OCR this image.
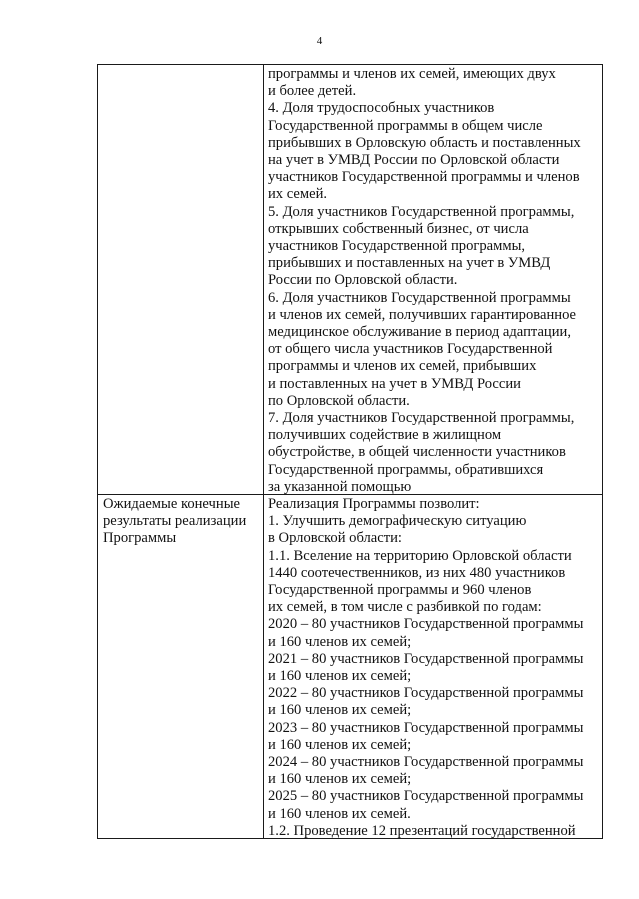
4
программы и членов их семей, имеющих двух
и более детей.
4. Доля трудоспособных участников
Государственной программы в общем числе
прибывших в Орловскую область и поставленных
на учет в УМВД России по Орловской области
участников Государственной программы и членов
их семей.
5. Доля участников Государственной программы,
открывших собственный бизнес, от числа
участников Государственной программы,
прибывших и поставленных на учет в УМВД
России по Орловской области.
6. Доля участников Государственной программы
и членов их семей, получивших гарантированное
медицинское обслуживание в период адаптации,
от общего числа участников Государственной
программы и членов их семей, прибывших
и поставленных на учет в УМВД России
по Орловской области.
7. Доля участников Государственной программы,
получивших содействие в жилищном
обустройстве, в общей численности участников
Государственной программы, обратившихся
за указанной помощью
Ожидаемые конечные
результаты реализации
Программы
Реализация Программы позволит:
1. Улучшить демографическую ситуацию
в Орловской области:
1.1. Вселение на территорию Орловской области
1440 соотечественников, из них 480 участников
Государственной программы и 960 членов
их семей, в том числе с разбивкой по годам:
2020 – 80 участников Государственной программы
и 160 членов их семей;
2021 – 80 участников Государственной программы
и 160 членов их семей;
2022 – 80 участников Государственной программы
и 160 членов их семей;
2023 – 80 участников Государственной программы
и 160 членов их семей;
2024 – 80 участников Государственной программы
и 160 членов их семей;
2025 – 80 участников Государственной программы
и 160 членов их семей.
1.2. Проведение 12 презентаций государственной
